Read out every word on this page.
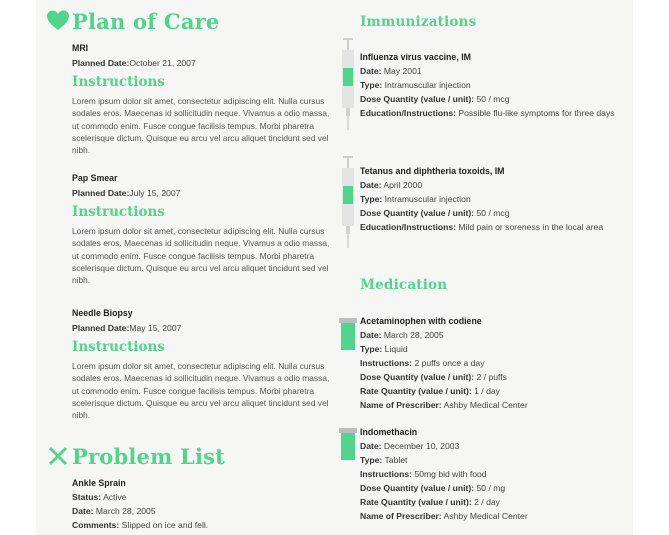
Plan of Care
MRI
Planned Date:October 21, 2007
Instructions
Lorem ipsum dolor sit amet, consectetur adipiscing elit. Nulla cursus sodales eros. Maecenas id sollicitudin neque. Vivamus a odio massa, ut commodo enim. Fusce congue facilisis tempus. Morbi pharetra scelerisque dictum. Quisque eu arcu vel arcu aliquet tincidunt sed vel nibh.
Pap Smear
Planned Date:July 15, 2007
Instructions
Lorem ipsum dolor sit amet, consectetur adipiscing elit. Nulla cursus sodales eros. Maecenas id sollicitudin neque. Vivamus a odio massa, ut commodo enim. Fusce congue facilisis tempus. Morbi pharetra scelerisque dictum. Quisque eu arcu vel arcu aliquet tincidunt sed vel nibh.
Needle Biopsy
Planned Date:May 15, 2007
Instructions
Lorem ipsum dolor sit amet, consectetur adipiscing elit. Nulla cursus sodales eros. Maecenas id sollicitudin neque. Vivamus a odio massa, ut commodo enim. Fusce congue facilisis tempus. Morbi pharetra scelerisque dictum. Quisque eu arcu vel arcu aliquet tincidunt sed vel nibh.
Problem List
Ankle Sprain
Status: Active
Date: March 28, 2005
Comments: Slipped on ice and fell.
Immunizations
Influenza virus vaccine, IM
Date: May 2001
Type: Intramuscular injection
Dose Quantity (value / unit): 50 / mcg
Education/Instructions: Possible flu-like symptoms for three days
Tetanus and diphtheria toxoids, IM
Date: April 2000
Type: Intramuscular injection
Dose Quantity (value / unit): 50 / mcg
Education/Instructions: Mild pain or soreness in the local area
Medication
Acetaminophen with codiene
Date: March 28, 2005
Type: Liquid
Instructions: 2 puffs once a day
Dose Quantity (value / unit): 2 / puffs
Rate Quantity (value / unit): 1 / day
Name of Prescriber: Ashby Medical Center
Indomethacin
Date: December 10, 2003
Type: Tablet
Instructions: 50mg bid with food
Dose Quantity (value / unit): 50 / mg
Rate Quantity (value / unit): 2 / day
Name of Prescriber: Ashby Medical Center
